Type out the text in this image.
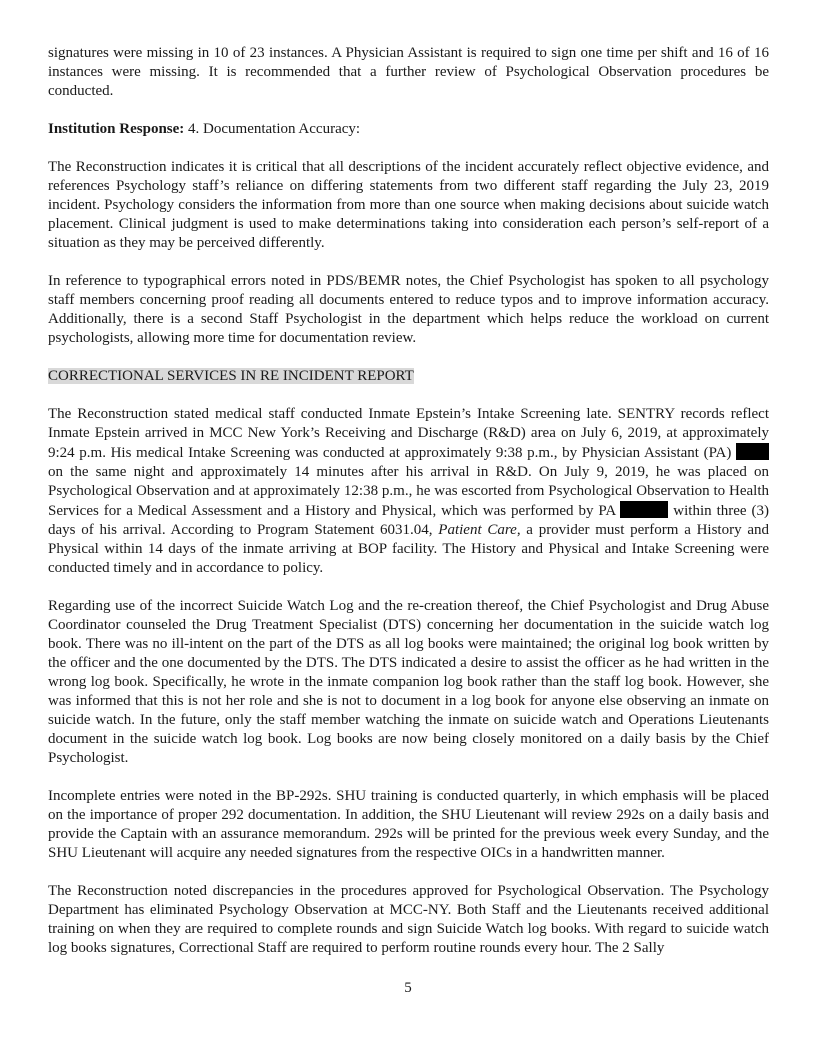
signatures were missing in 10 of 23 instances. A Physician Assistant is required to sign one time per shift and 16 of 16 instances were missing. It is recommended that a further review of Psychological Observation procedures be conducted.

Institution Response: 4. Documentation Accuracy:

The Reconstruction indicates it is critical that all descriptions of the incident accurately reflect objective evidence, and references Psychology staff’s reliance on differing statements from two different staff regarding the July 23, 2019 incident. Psychology considers the information from more than one source when making decisions about suicide watch placement. Clinical judgment is used to make determinations taking into consideration each person’s self-report of a situation as they may be perceived differently.

In reference to typographical errors noted in PDS/BEMR notes, the Chief Psychologist has spoken to all psychology staff members concerning proof reading all documents entered to reduce typos and to improve information accuracy. Additionally, there is a second Staff Psychologist in the department which helps reduce the workload on current psychologists, allowing more time for documentation review.

CORRECTIONAL SERVICES IN RE INCIDENT REPORT

The Reconstruction stated medical staff conducted Inmate Epstein’s Intake Screening late. SENTRY records reflect Inmate Epstein arrived in MCC New York’s Receiving and Discharge (R&D) area on July 6, 2019, at approximately 9:24 p.m. His medical Intake Screening was conducted at approximately 9:38 p.m., by Physician Assistant (PA)  on the same night and approximately 14 minutes after his arrival in R&D. On July 9, 2019, he was placed on Psychological Observation and at approximately 12:38 p.m., he was escorted from Psychological Observation to Health Services for a Medical Assessment and a History and Physical, which was performed by PA	within three (3) days of his arrival. According to Program Statement 6031.04, Patient Care, a provider must perform a History and Physical within 14 days of the inmate arriving at BOP facility. The History and Physical and Intake Screening were conducted timely and in accordance to policy.

Regarding use of the incorrect Suicide Watch Log and the re-creation thereof, the Chief Psychologist and Drug Abuse Coordinator counseled the Drug Treatment Specialist (DTS) concerning her documentation in the suicide watch log book. There was no ill-intent on the part of the DTS as all log books were maintained; the original log book written by the officer and the one documented by the DTS. The DTS indicated a desire to assist the officer as he had written in the wrong log book. Specifically, he wrote in the inmate companion log book rather than the staff log book. However, she was informed that this is not her role and she is not to document in a log book for anyone else observing an inmate on suicide watch. In the future, only the staff member watching the inmate on suicide watch and Operations Lieutenants document in the suicide watch log book. Log books are now being closely monitored on a daily basis by the Chief Psychologist.

Incomplete entries were noted in the BP-292s. SHU training is conducted quarterly, in which emphasis will be placed on the importance of proper 292 documentation. In addition, the SHU Lieutenant will review 292s on a daily basis and provide the Captain with an assurance memorandum. 292s will be printed for the previous week every Sunday, and the SHU Lieutenant will acquire any needed signatures from the respective OICs in a handwritten manner.

The Reconstruction noted discrepancies in the procedures approved for Psychological Observation. The Psychology Department has eliminated Psychology Observation at MCC-NY. Both Staff and the Lieutenants received additional training on when they are required to complete rounds and sign Suicide Watch log books. With regard to suicide watch log books signatures, Correctional Staff are required to perform routine rounds every hour. The 2 Sally

5
